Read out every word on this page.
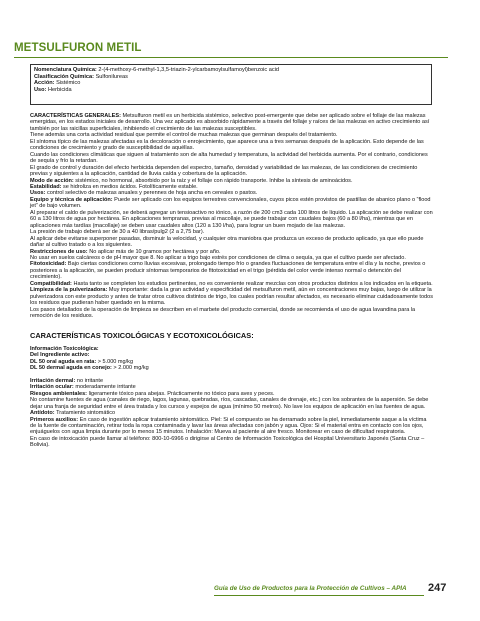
METSULFURON METIL
Nomenclatura Química: 2-(4-methoxy-6-methyl-1,3,5-triazin-2-ylcarbamoylsulfamoyl)benzoic acid
Clasificación Química: Sulfonilureas
Acción: Sistémico
Uso: Herbicida

CARACTERÍSTICAS GENERALES: Metsulfuron metil es un herbicida sistémico, selectivo post-emergente que debe ser aplicado sobre el follaje de las malezas emergidas, en los estados iniciales de desarrollo. Una vez aplicado es absorbido rápidamente a través del follaje y raíces de las malezas en activo crecimiento así también por las raicillas superficiales, inhibiendo el crecimiento de las malezas susceptibles.

Tiene además una corta actividad residual que permite el control de muchas malezas que germinan después del tratamiento.

El síntoma típico de las malezas afectadas es la decoloración o enrojecimiento, que aparece una a tres semanas después de la aplicación. Esto depende de las condiciones de crecimiento y grado de susceptibilidad de aquéllas.

Cuando las condiciones climáticas que siguen al tratamiento son de alta humedad y temperatura, la actividad del herbicida aumenta. Por el contrario, condiciones de sequía y frío la retardan.

El grado de control y duración del efecto herbicida dependen del espectro, tamaño, densidad y variabilidad de las malezas, de las condiciones de crecimiento previas y siguientes a la aplicación, cantidad de lluvia caída y cobertura de la aplicación.

Modo de acción: sistémico, no hormonal, absorbido por la raíz y el follaje con rápido transporte. Inhibe la síntesis de aminoácidos.

Estabilidad: se hidroliza en medios ácidos. Fotolíticamente estable.

Usos: control selectivo de malezas anuales y perennes de hoja ancha en cereales o pastos.

Equipo y técnica de aplicación: Puede ser aplicado con los equipos terrestres convencionales, cuyos picos estén provistos de pastillas de abanico plano o “flood jet” de bajo volumen.

Al preparar el caldo de pulverización, se deberá agregar un tensioactivo no iónico, a razón de 200 cm3 cada 100 litros de líquido. La aplicación se debe realizar con 60 a 130 litros de agua por hectárea. En aplicaciones tempranas, previas al macollaje, se puede trabajar con caudales bajos (60 a 80 l/ha), mientras que en aplicaciones más tardías (macollaje) se deben usar caudales altos (120 a 130 l/ha), para lograr un buen mojado de las malezas.

La presión de trabajo deberá ser de 30 a 40 libras/pulg2 (2 a 2,75 bar).

Al aplicar debe evitarse superponer pasadas, disminuir la velocidad, y cualquier otra maniobra que produzca un exceso de producto aplicado, ya que ello puede dañar al cultivo tratado o a los siguientes.

Restricciones de uso: No aplicar más de 10 gramos por hectárea y por año.

No usar en suelos calcáreos o de pH mayor que 8. No aplicar a trigo bajo estrés por condiciones de clima o sequía, ya que el cultivo puede ser afectado.

Fitotoxicidad: Bajo ciertas condiciones como lluvias excesivas, prolongado tiempo frío o grandes fluctuaciones de temperatura entre el día y la noche, previos o posteriores a la aplicación, se pueden producir síntomas temporarios de fitotoxicidad en el trigo (pérdida del color verde intenso normal o detención del crecimiento).

Compatibilidad: Hasta tanto se completen los estudios pertinentes, no es conveniente realizar mezclas con otros productos distintos a los indicados en la etiqueta.

Limpieza de la pulverizadora: Muy importante: dada la gran actividad y especificidad del metsulfuron metil, aún en concentraciones muy bajas, luego de utilizar la pulverizadora con este producto y antes de tratar otros cultivos distintos de trigo, los cuales podrían resultar afectados, es necesario eliminar cuidadosamente todos los residuos que pudieran haber quedado en la misma.

Los pasos detallados de la operación de limpieza se describen en el marbete del producto comercial, donde se recomienda el uso de agua lavandina para la remoción de los residuos.

CARACTERÍSTICAS TOXICOLÓGICAS Y ECOTOXICOLÓGICAS:

Información Toxicológica:

Del Ingrediente activo:

DL 50 oral aguda en rata: > 5.000 mg/kg

DL 50 dermal aguda en conejo: > 2.000 mg/kg

Irritación dermal: no irritante

Irritación ocular: moderadamente irritante

Riesgos ambientales: ligeramente tóxico para abejas. Prácticamente no tóxico para aves y peces.

No contamine fuentes de agua (canales de riego, lagos, lagunas, quebradas, ríos, cascadas, canales de drenaje, etc.) con los sobrantes de la aspersión. Se debe dejar una franja de seguridad entre el área tratada y los cursos y espejos de agua (mínimo 50 metros). No lave los equipos de aplicación en las fuentes de agua.

Antídoto: Tratamiento sintomático

Primeros auxilios: En caso de ingestión aplicar tratamiento sintomático. Piel: Si el compuesto se ha derramado sobre la piel, inmediatamente saque a la víctima de la fuente de contaminación, retirar toda la ropa contaminada y lavar las áreas afectadas con jabón y agua. Ojos: Si el material entra en contacto con los ojos, enjuáguelos con agua limpia durante por lo menos 15 minutos. Inhalación: Mueva al paciente al aire fresco. Monitorear en caso de dificultad respiratoria.

En caso de intoxicación puede llamar al teléfono: 800-10-6966 o dirigirse al Centro de Información Toxicológica del Hospital Universitario Japonés (Santa Cruz – Bolivia).

Guía de Uso de Productos para la Protección de Cultivos – APIA 247
